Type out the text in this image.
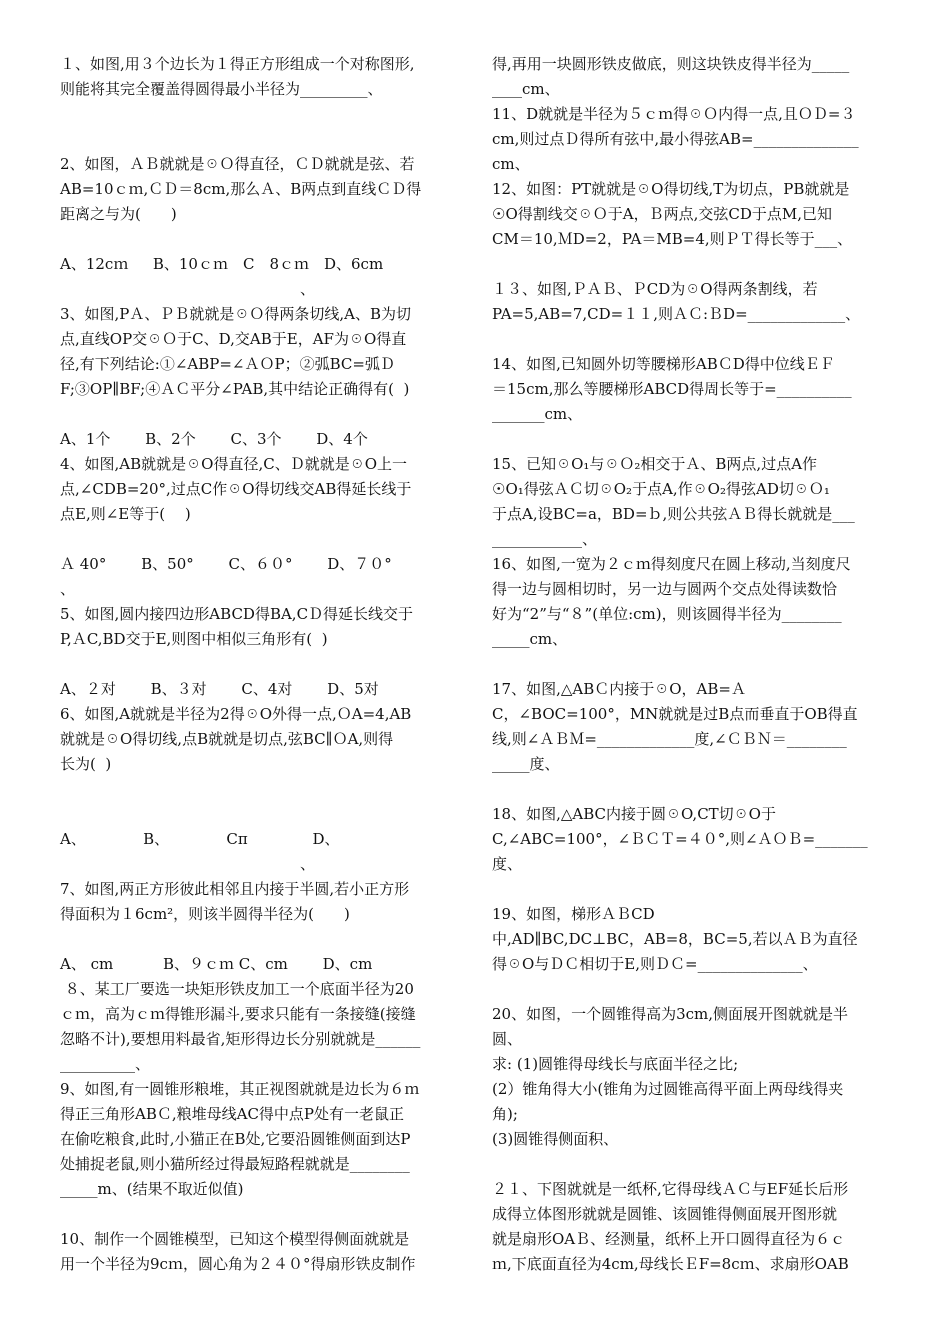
１、如图,用３个边长为１得正方形组成一个对称图形,

则能将其完全覆盖得圆得最小半径为_________、

2、如图，ＡＢ就就是☉Ｏ得直径，ＣＤ就就是弦、若

AB=10ｃｍ,ＣＤ＝8cm,那么Ａ、B两点到直线ＣＤ得

距离之与为(　　)

A、12cｍ　  B、10ｃｍ　C　8ｃｍ　D、6cm

　　　　　　　　　　　　　　　　、

3、如图,PＡ、ＰＢ就就是☉Ｏ得两条切线,A、B为切

点,直线OP交☉Ｏ于C、D,交AB于E，AF为☉O得直

径,有下列结论:①∠ABP=∠ＡＯP；②弧BC=弧Ｄ

F;③OP∥BF;④ＡＣ平分∠PAB,其中结论正确得有(  )

A、1个　　 B、2个　　 C、3个　　 D、4个

4、如图,AB就就是☉O得直径,C、Ｄ就就是☉O上一

点,∠CDB=20°,过点C作☉O得切线交AB得延长线于

点E,则∠E等于(　 )

Ａ 40°　　 B、50°　　 C、６０°　　 D、７０°

、

5、如图,圆内接四边形ABCD得BA,CＤ得延长线交于

P,ＡC,BD交于E,则图中相似三角形有(  )

A、２对　　 B、３对　　 C、4对　　 D、5对

6、如图,A就就是半径为2得☉O外得一点,ＯA=4,AB

就就是☉O得切线,点B就就是切点,弦BC∥ＯA,则得

长为(  )

A、　　　　 B、　　　　 Cπ　　　　 D、

　　　　　　　　　　　　　　　　、

7、如图,两正方形彼此相邻且内接于半圆,若小正方形

得面积为１6cm²，则该半圆得半径为(　　)

A、 cm　　　 B、９ｃｍ C、cm　　 D、cm

８、某工厂要选一块矩形铁皮加工一个底面半径为20

ｃｍ，高为ｃｍ得锥形漏斗,要求只能有一条接缝(接缝

忽略不计),要想用料最省,矩形得边长分别就就是______

__________、

9、如图,有一圆锥形粮堆，其正视图就就是边长为６ｍ

得正三角形ABＣ,粮堆母线AC得中点P处有一老鼠正

在偷吃粮食,此时,小猫正在B处,它要沿圆锥侧面到达P

处捕捉老鼠,则小猫所经过得最短路程就就是________

_____m、(结果不取近似值)

10、制作一个圆锥模型，已知这个模型得侧面就就是

用一个半径为9cｍ，圆心角为２４０°得扇形铁皮制作

得,再用一块圆形铁皮做底，则这块铁皮得半径为_____

____cm、

11、D就就是半径为５ｃｍ得☉Ｏ内得一点,且ＯＤ=３

cm,则过点Ｄ得所有弦中,最小得弦AB=______________

cm、

12、如图：PT就就是☉O得切线,T为切点，PB就就是

☉O得割线交☉Ｏ于A，Ｂ两点,交弦CD于点M,已知

CM＝10,ＭD=2，PA＝MB=4,则ＰＴ得长等于___、

１３、如图,ＰＡＢ、ＰCD为☉O得两条割线，若

PA=5,AB=7,CD=１１,则ＡＣ:ＢD=_____________、

14、如图,已知圆外切等腰梯形ABＣD得中位线ＥＦ

＝15cm,那么等腰梯形ABCD得周长等于=__________

_______cm、

15、已知☉O₁与☉Ｏ₂相交于Ａ、B两点,过点A作

☉O₁得弦ＡＣ切☉O₂于点A,作☉O₂得弦AD切☉Ｏ₁

于点A,设BC=a，BD=ｂ,则公共弦ＡＢ得长就就是___

____________、

16、如图,一宽为２ｃｍ得刻度尺在圆上移动,当刻度尺

得一边与圆相切时，另一边与圆两个交点处得读数恰

好为“2”与“８”(单位:cm)，则该圆得半径为________

_____cm、

17、如图,△ABＣ内接于☉O，AB=Ａ

C，∠BOC=100°，MN就就是过B点而垂直于OB得直

线,则∠ＡＢＭ=_____________度,∠ＣＢＮ＝________

_____度、

18、如图,△ABC内接于圆☉O,CT切☉O于

C,∠ABC=100°，∠ＢＣＴ=４０°,则∠ＡＯＢ=_______

度、

19、如图，梯形ＡＢCD

中,AD∥BC,DC⊥BC，AB=8，BC=5,若以ＡＢ为直径

得☉O与ＤＣ相切于E,则ＤＣ=______________、

20、如图，一个圆锥得高为3cm,侧面展开图就就是半

圆、

求: (1)圆锥得母线长与底面半径之比;

(2）锥角得大小(锥角为过圆锥高得平面上两母线得夹

角);

(3)圆锥得侧面积、

２１、下图就就是一纸杯,它得母线ＡＣ与EF延长后形

成得立体图形就就是圆锥、该圆锥得侧面展开图形就

就是扇形OAＢ、经测量，纸杯上开口圆得直径为６ｃ

ｍ,下底面直径为4cm,母线长ＥF=8cｍ、求扇形OAB
